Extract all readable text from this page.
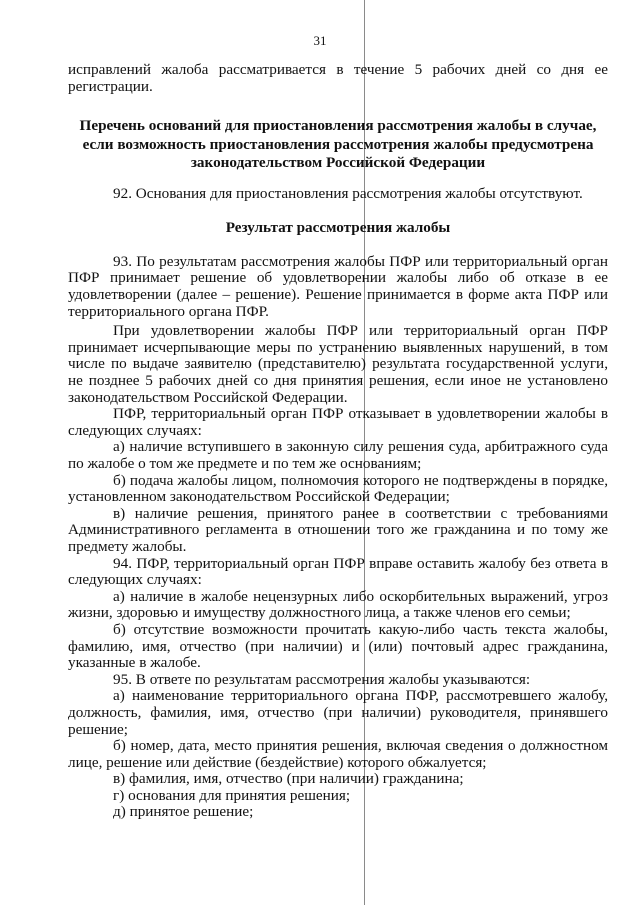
31

исправлений жалоба рассматривается в течение 5 рабочих дней со дня ее регистрации.

Перечень оснований для приостановления рассмотрения жалобы в случае, если возможность приостановления рассмотрения жалобы предусмотрена законодательством Российской Федерации

92. Основания для приостановления рассмотрения жалобы отсутствуют.

Результат рассмотрения жалобы

93. По результатам рассмотрения жалобы ПФР или территориальный орган ПФР принимает решение об удовлетворении жалобы либо об отказе в ее удовлетворении (далее – решение). Решение принимается в форме акта ПФР или территориального органа ПФР.

При удовлетворении жалобы ПФР или территориальный орган ПФР принимает исчерпывающие меры по устранению выявленных нарушений, в том числе по выдаче заявителю (представителю) результата государственной услуги, не позднее 5 рабочих дней со дня принятия решения, если иное не установлено законодательством Российской Федерации.

ПФР, территориальный орган ПФР отказывает в удовлетворении жалобы в следующих случаях:

а) наличие вступившего в законную силу решения суда, арбитражного суда по жалобе о том же предмете и по тем же основаниям;

б) подача жалобы лицом, полномочия которого не подтверждены в порядке, установленном законодательством Российской Федерации;

в) наличие решения, принятого ранее в соответствии с требованиями Административного регламента в отношении того же гражданина и по тому же предмету жалобы.

94. ПФР, территориальный орган ПФР вправе оставить жалобу без ответа в следующих случаях:

а) наличие в жалобе нецензурных либо оскорбительных выражений, угроз жизни, здоровью и имуществу должностного лица, а также членов его семьи;

б) отсутствие возможности прочитать какую-либо часть текста жалобы, фамилию, имя, отчество (при наличии) и (или) почтовый адрес гражданина, указанные в жалобе.

95. В ответе по результатам рассмотрения жалобы указываются:

а) наименование территориального органа ПФР, рассмотревшего жалобу, должность, фамилия, имя, отчество (при наличии) руководителя, принявшего решение;

б) номер, дата, место принятия решения, включая сведения о должностном лице, решение или действие (бездействие) которого обжалуется;

в) фамилия, имя, отчество (при наличии) гражданина;

г) основания для принятия решения;

д) принятое решение;
